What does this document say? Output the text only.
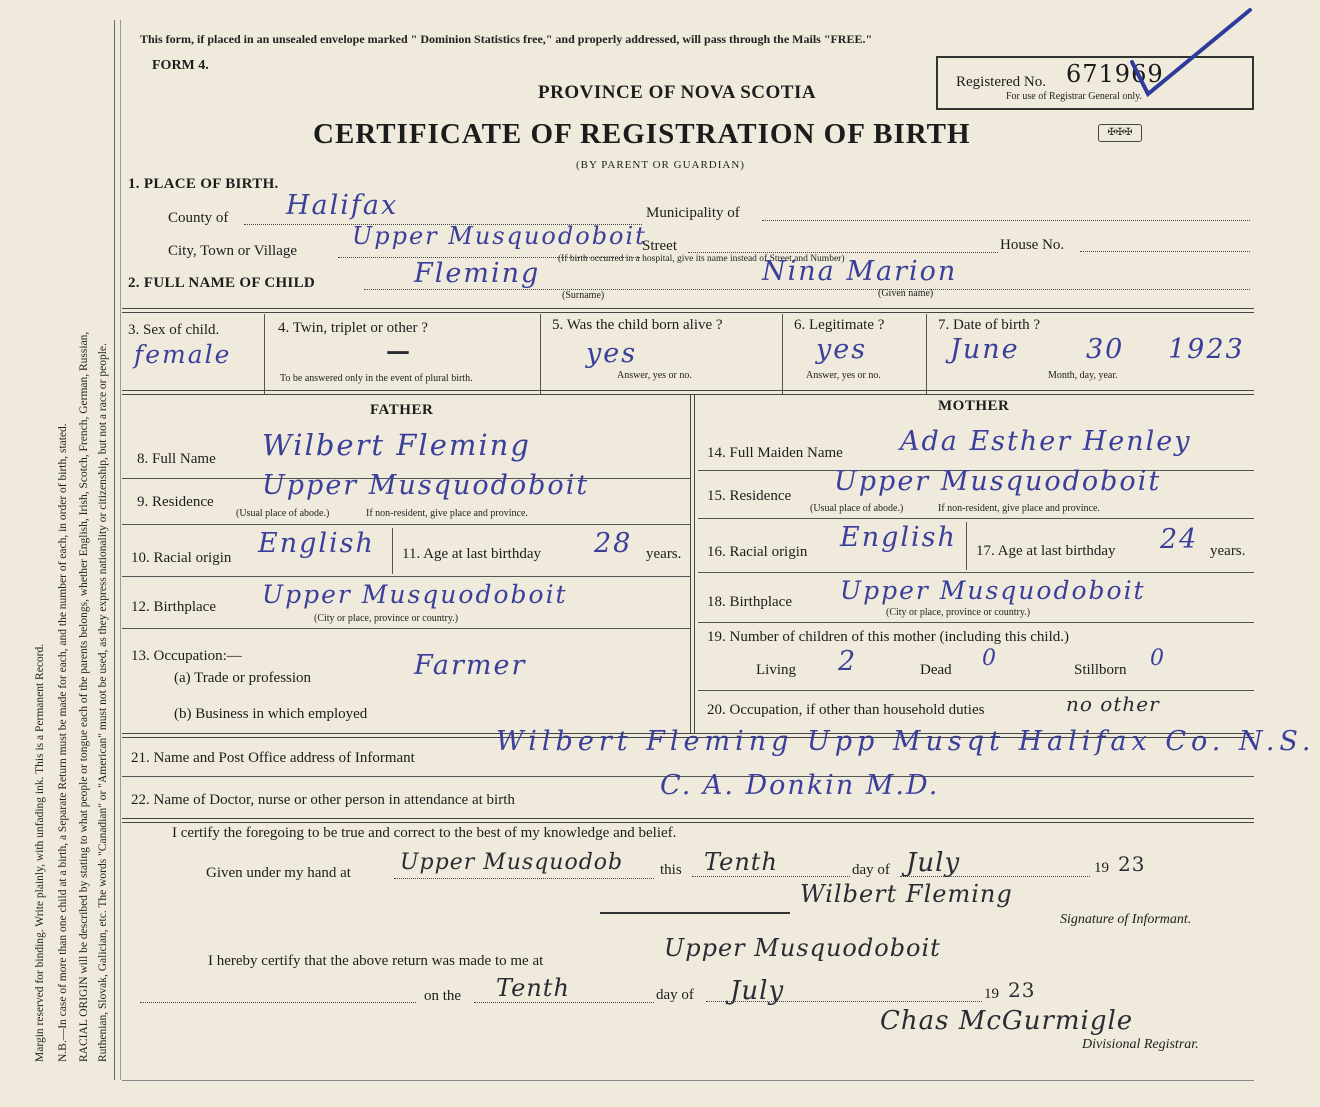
Margin reserved for binding. Write plainly, with unfading ink. This is a Permanent Record. N.B.—In case of more than one child at a birth, a Separate Return must be made for each, and the number of each, in order of birth, stated. RACIAL ORIGIN will be described by stating to what people or tongue each of the parents belongs, whether English, Irish, Scotch, French, German, Russian, Ruthenian, Slovak, Galician, etc. The words "Canadian" or "American" must not be used, as they express nationality or citizenship, but not a race or people.
This form, if placed in an unsealed envelope marked " Dominion Statistics free," and properly addressed, will pass through the Mails "FREE."
FORM 4.
PROVINCE OF NOVA SCOTIA
CERTIFICATE OF REGISTRATION OF BIRTH
(BY PARENT OR GUARDIAN)
✠✠✠
Registered No. 671969
For use of Registrar General only.
1. PLACE OF BIRTH.
County of Halifax	Municipality of
City, Town or Village
Upper Musquodoboit
Street	House No.
(If birth occurred in a hospital, give its name instead of Street and Number)
2. FULL NAME OF CHILD	Fleming	Nina Marion
(Surname)	(Given name)
3. Sex of child.
female
4. Twin, triplet or other ?
—
To be answered only in the event of plural birth.
5. Was the child born alive ?
yes
Answer, yes or no.
6. Legitimate ?
yes
Answer, yes or no.
7. Date of birth ?
June 30 1923
Month, day, year.
FATHER	MOTHER
8. Full Name Wilbert Fleming
9. Residence
Upper Musquodoboit
(Usual place of abode.)	If non-resident, give place and province.
10. Racial origin English 11. Age at last birthday 28 years.
12. Birthplace Upper Musquodoboit
(City or place, province or country.)
13. Occupation:—
(a) Trade or profession	Farmer
(b) Business in which employed
14. Full Maiden Name Ada Esther Henley
15. Residence Upper Musquodoboit
(Usual place of abode.)	If non-resident, give place and province.
16. Racial origin English 17. Age at last birthday 24 years.
18. Birthplace Upper Musquodoboit
(City or place, province or country.)
19. Number of children of this mother (including this child.)
Living 2	Dead 0	Stillborn 0
20. Occupation, if other than household duties	no other
21. Name and Post Office address of Informant
Wilbert Fleming Upp Musqt Halifax Co. N.S.
22. Name of Doctor, nurse or other person in attendance at birth	C. A. Donkin M.D.
I certify the foregoing to be true and correct to the best of my knowledge and belief.
Given under my hand at Upper Musquodob this Tenth	day of July	19 23
Wilbert Fleming
Signature of Informant.
I hereby certify that the above return was made to me at	Upper Musquodoboit
on the Tenth	day of July	19 23
Chas McGurmigle
Divisional Registrar.
